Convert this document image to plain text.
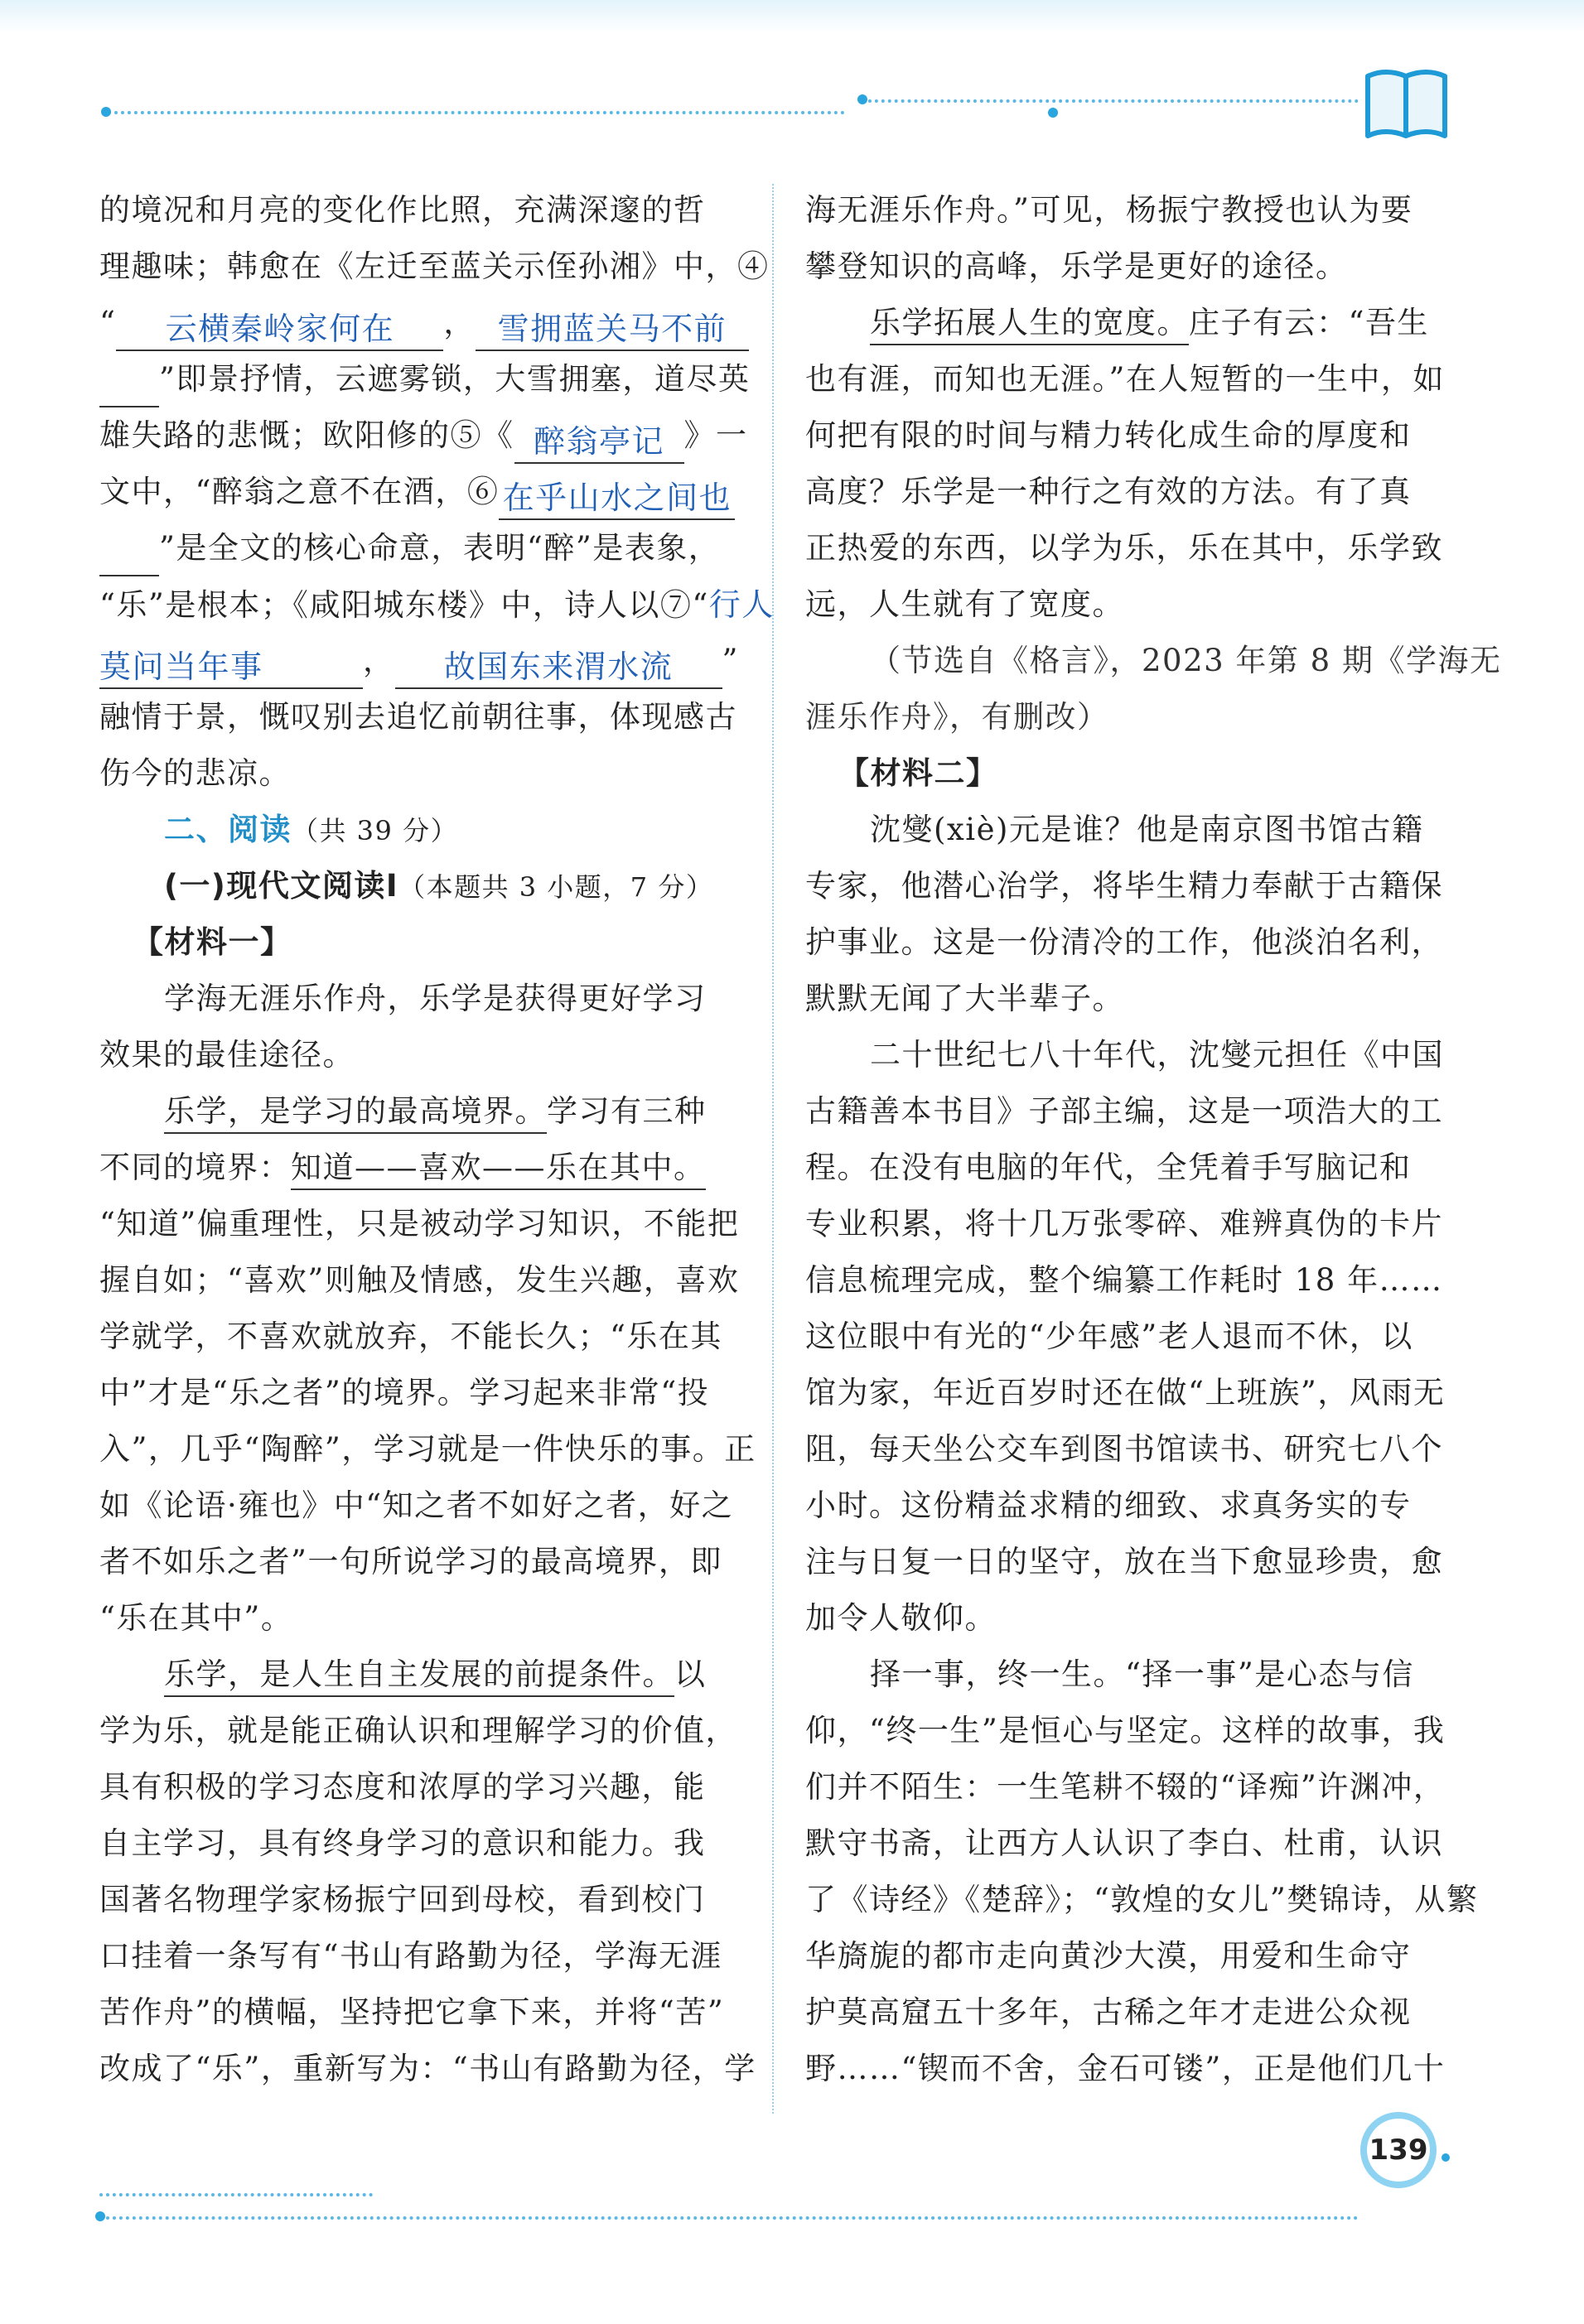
的境况和月亮的变化作比照，充满深邃的哲
理趣味；韩愈在《左迁至蓝关示侄孙湘》中，④
“ 云横秦岭家何在 ， 雪拥蓝关马不前
”即景抒情，云遮雾锁，大雪拥塞，道尽英
雄失路的悲慨；欧阳修的⑤《 醉翁亭记 》一
文中，“醉翁之意不在酒，⑥ 在乎山水之间也
”是全文的核心命意，表明“醉”是表象，
“乐”是根本；《咸阳城东楼》中，诗人以⑦“行人
莫问当年事	， 故国东来渭水流 ”
融情于景，慨叹别去追忆前朝往事，体现感古
伤今的悲凉。
二、阅读（共 39 分）
(一)现代文阅读Ⅰ（本题共 3 小题，7 分）
【材料一】
学海无涯乐作舟，乐学是获得更好学习
效果的最佳途径。
乐学，是学习的最高境界。学习有三种
不同的境界：知道——喜欢——乐在其中。
“知道”偏重理性，只是被动学习知识，不能把
握自如；“喜欢”则触及情感，发生兴趣，喜欢
学就学，不喜欢就放弃，不能长久；“乐在其
中”才是“乐之者”的境界。学习起来非常“投
入”，几乎“陶醉”，学习就是一件快乐的事。正
如《论语·雍也》中“知之者不如好之者，好之
者不如乐之者”一句所说学习的最高境界，即
“乐在其中”。
乐学，是人生自主发展的前提条件。以
学为乐，就是能正确认识和理解学习的价值，
具有积极的学习态度和浓厚的学习兴趣，能
自主学习，具有终身学习的意识和能力。我
国著名物理学家杨振宁回到母校，看到校门
口挂着一条写有“书山有路勤为径，学海无涯
苦作舟”的横幅，坚持把它拿下来，并将“苦”
改成了“乐”，重新写为：“书山有路勤为径，学
海无涯乐作舟。”可见，杨振宁教授也认为要
攀登知识的高峰，乐学是更好的途径。
乐学拓展人生的宽度。庄子有云：“吾生
也有涯，而知也无涯。”在人短暂的一生中，如
何把有限的时间与精力转化成生命的厚度和
高度？乐学是一种行之有效的方法。有了真
正热爱的东西，以学为乐，乐在其中，乐学致
远，人生就有了宽度。
（节选自《格言》，2023 年第 8 期《学海无
涯乐作舟》，有删改）
【材料二】
沈燮(xiè)元是谁？他是南京图书馆古籍
专家，他潜心治学，将毕生精力奉献于古籍保
护事业。这是一份清冷的工作，他淡泊名利，
默默无闻了大半辈子。
二十世纪七八十年代，沈燮元担任《中国
古籍善本书目》子部主编，这是一项浩大的工
程。在没有电脑的年代，全凭着手写脑记和
专业积累，将十几万张零碎、难辨真伪的卡片
信息梳理完成，整个编纂工作耗时 18 年……
这位眼中有光的“少年感”老人退而不休，以
馆为家，年近百岁时还在做“上班族”，风雨无
阻，每天坐公交车到图书馆读书、研究七八个
小时。这份精益求精的细致、求真务实的专
注与日复一日的坚守，放在当下愈显珍贵，愈
加令人敬仰。
择一事，终一生。“择一事”是心态与信
仰，“终一生”是恒心与坚定。这样的故事，我
们并不陌生：一生笔耕不辍的“译痴”许渊冲，
默守书斋，让西方人认识了李白、杜甫，认识
了《诗经》《楚辞》；“敦煌的女儿”樊锦诗，从繁
华旖旎的都市走向黄沙大漠，用爱和生命守
护莫高窟五十多年，古稀之年才走进公众视
野……“锲而不舍，金石可镂”，正是他们几十
139
